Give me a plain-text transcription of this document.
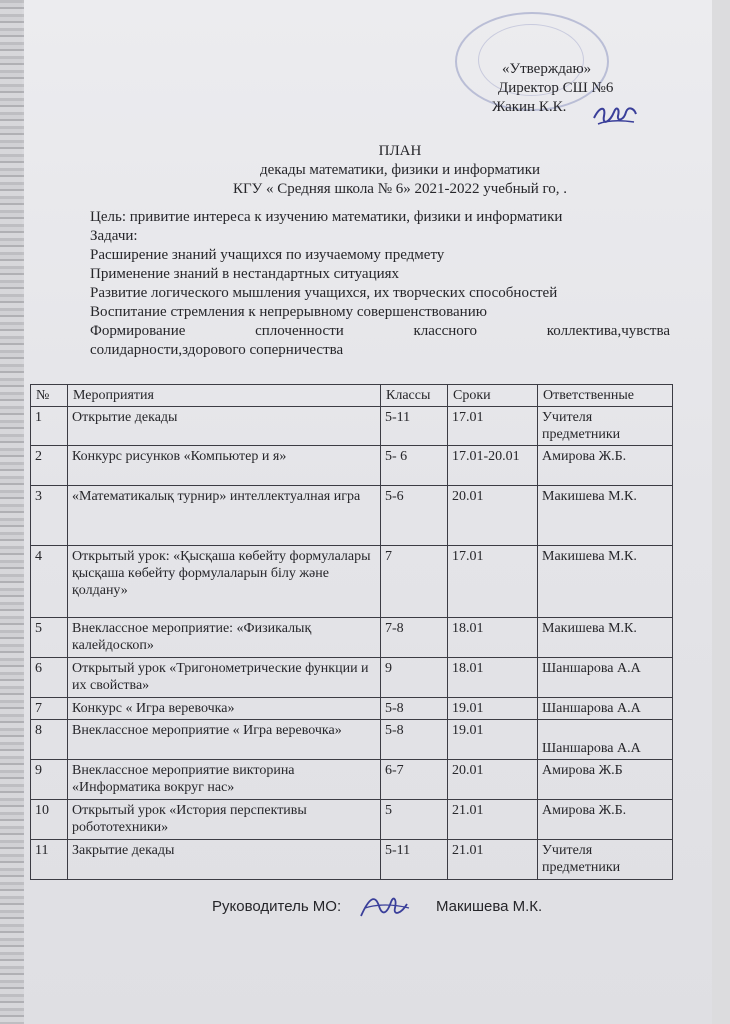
«Утверждаю»
Директор СШ №6
Жакин К.К.
ПЛАН
декады математики, физики и информатики
КГУ « Средняя школа № 6» 2021-2022 учебный го, .
Цель: привитие интереса к изучению математики, физики и информатики
Задачи:
Расширение знаний учащихся по изучаемому предмету
Применение знаний в нестандартных ситуациях
Развитие логического мышления учащихся, их творческих способностей
Воспитание стремления к непрерывному совершенствованию
Формирование	сплоченности	классного	коллектива,чувства
солидарности,здорового соперничества
№	Мероприятия	Классы	Сроки	Ответственные
1	Открытие декады	5-11	17.01	Учителя предметники
2	Конкурс рисунков «Компьютер и я»	5- 6	17.01-20.01	Амирова Ж.Б.
3	«Математикалық турнир» интеллектуалная игра	5-6	20.01	Макишева М.К.
4	Открытый урок: «Қысқаша көбейту формулалары қысқаша көбейту формулаларын білу және қолдану»	7	17.01	Макишева М.К.
5	Внеклассное мероприятие: «Физикалық калейдоскоп»	7-8	18.01	Макишева М.К.
6	Открытый урок «Тригонометрические функции и их свойства»	9	18.01	Шаншарова А.А
7	Конкурс « Игра веревочка»	5-8	19.01	Шаншарова А.А
8	Внеклассное мероприятие « Игра веревочка»	5-8	19.01	Шаншарова А.А
9	Внеклассное мероприятие викторина «Информатика вокруг нас»	6-7	20.01	Амирова Ж.Б
10	Открытый урок «История перспективы робототехники»	5	21.01	Амирова Ж.Б.
11	Закрытие декады	5-11	21.01	Учителя предметники
Руководитель МО:	Макишева М.К.
